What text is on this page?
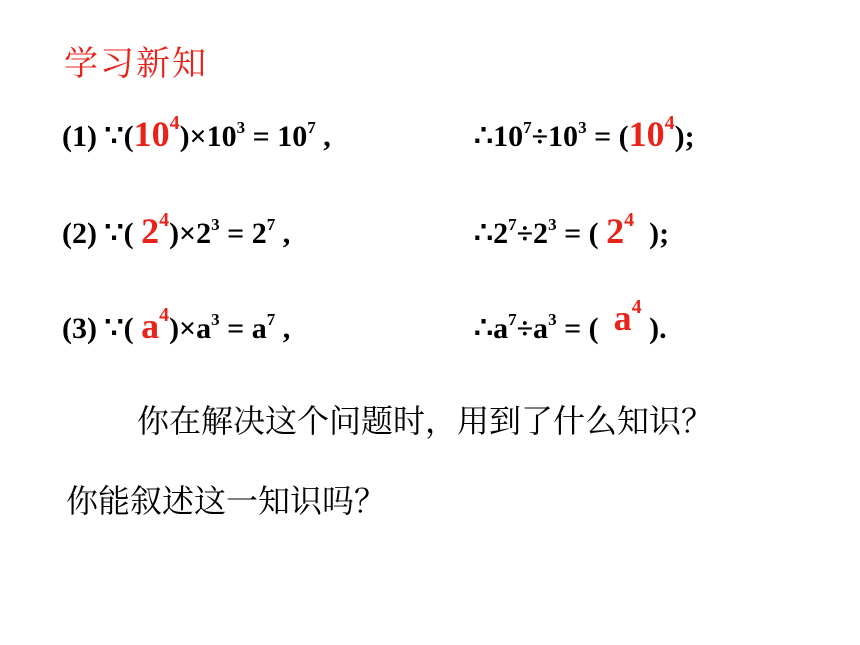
学习新知
(1) $\because(10^4)\times 10^3 = 10^7$ ,	$\therefore 10^7\div 10^3 = (10^4)$;
(2) ∵( $2^4)\times 2^3 = 2^7$ ,	$\therefore 2^7\div 2^3$ = ( $2^4$ );
(3) ∵( $a^4)\times a^3 = a^7$ ,	$\therefore a^7\div a^3$ = ( $a^4$ ).
你在解决这个问题时，用到了什么知识？
你能叙述这一知识吗？
